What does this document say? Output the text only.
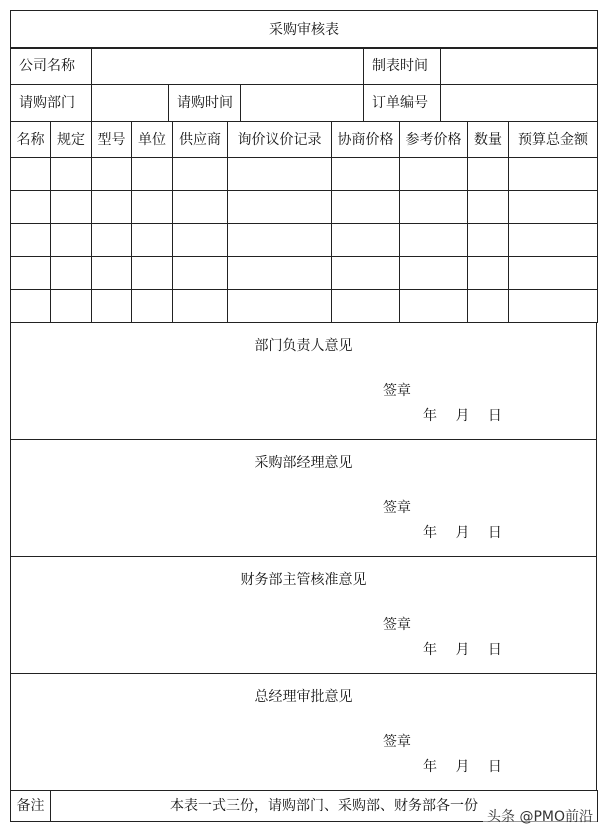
采购审核表
公司名称		制表时间	
请购部门		请购时间		订单编号	
名称	规定	型号	单位	供应商	询价议价记录	协商价格	参考价格	数量	预算总金额

部门负责人意见
签章
年 月 日
采购部经理意见
签章
年 月 日
财务部主管核准意见
签章
年 月 日
总经理审批意见
签章
年 月 日
备注	本表一式三份，请购部门、采购部、财务部各一份
头条 @PMO前沿
